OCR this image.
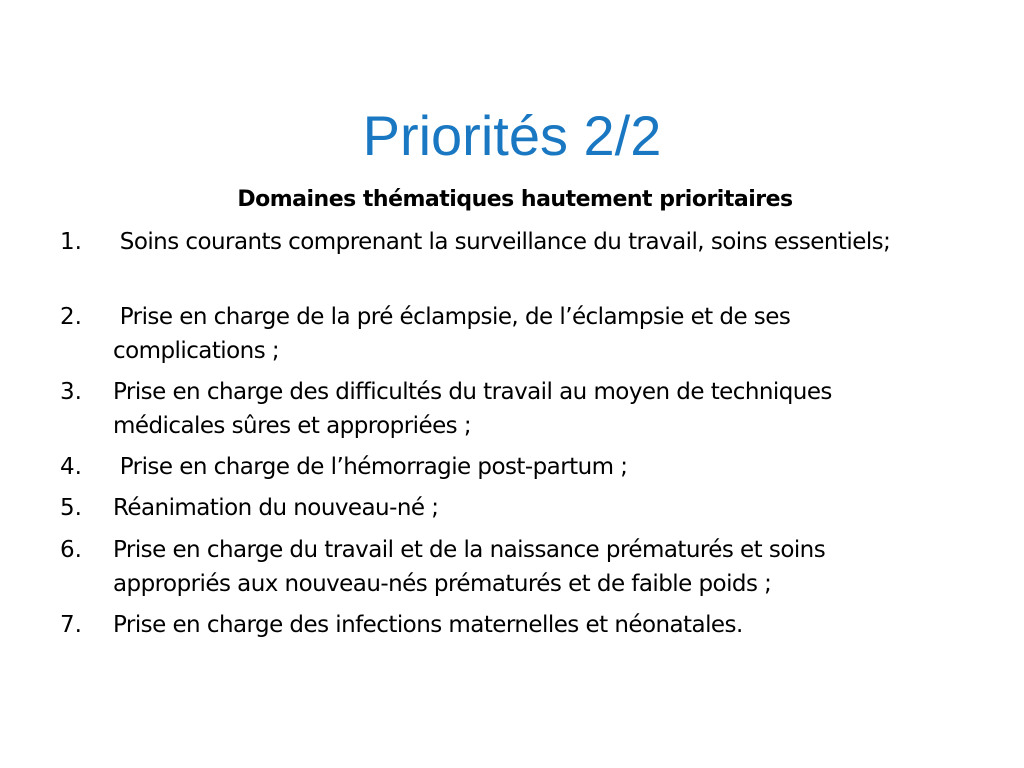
Priorités 2/2
Domaines thématiques hautement prioritaires
1. Soins courants comprenant la surveillance du travail, soins essentiels;
2. Prise en charge de la pré éclampsie, de l’éclampsie et de ses complications ;
3. Prise en charge des difficultés du travail au moyen de techniques médicales sûres et appropriées ;
4. Prise en charge de l’hémorragie post-partum ;
5. Réanimation du nouveau-né ;
6. Prise en charge du travail et de la naissance prématurés et soins appropriés aux nouveau-nés prématurés et de faible poids ;
7. Prise en charge des infections maternelles et néonatales.
